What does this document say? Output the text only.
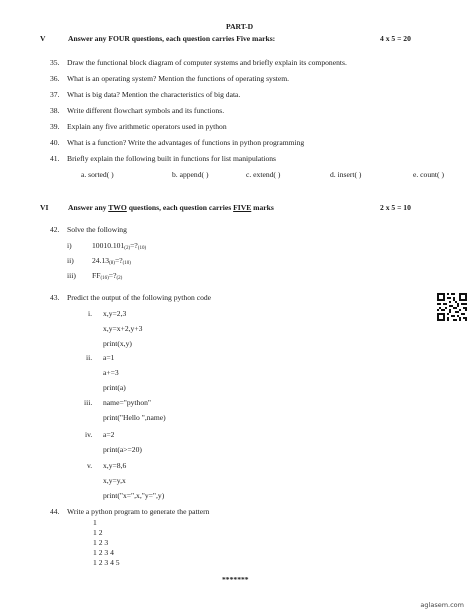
PART-D
V	Answer any FOUR questions, each question carries Five marks:	4 x 5 = 20
35. Draw the functional block diagram of computer systems and briefly explain its components.
36. What is an operating system? Mention the functions of operating system.
37. What is big data? Mention the characteristics of big data.
38. Write different flowchart symbols and its functions.
39. Explain any five arithmetic operators used in python
40. What is a function? Write the advantages of functions in python programming
41. Briefly explain the following built in functions for list manipulations
a. sorted( )	b. append( )	c. extend( )	d. insert( )	e. count( )
VI	Answer any TWO questions, each question carries FIVE marks	2 x 5 = 10
42. Solve the following
i)	$10010.101_{(2)}=?_{(10)}$
ii) $24.13_{(8)}=?_{(10)}$
iii) $FF_{(16)}=?_{(2)}$
43. Predict the output of the following python code
i. x,y=2,3
x,y=x+2,y+3
print(x,y)
ii. a=1
a+=3
print(a)
iii. name="python"
print("Hello ",name)
iv. a=2
print(a>=20)
v. x,y=8,6
x,y=y,x
print("x=",x,"y=",y)
44. Write a python program to generate the pattern
1
1 2
1 2 3
1 2 3 4
1 2 3 4 5
*******
aglasem.com
